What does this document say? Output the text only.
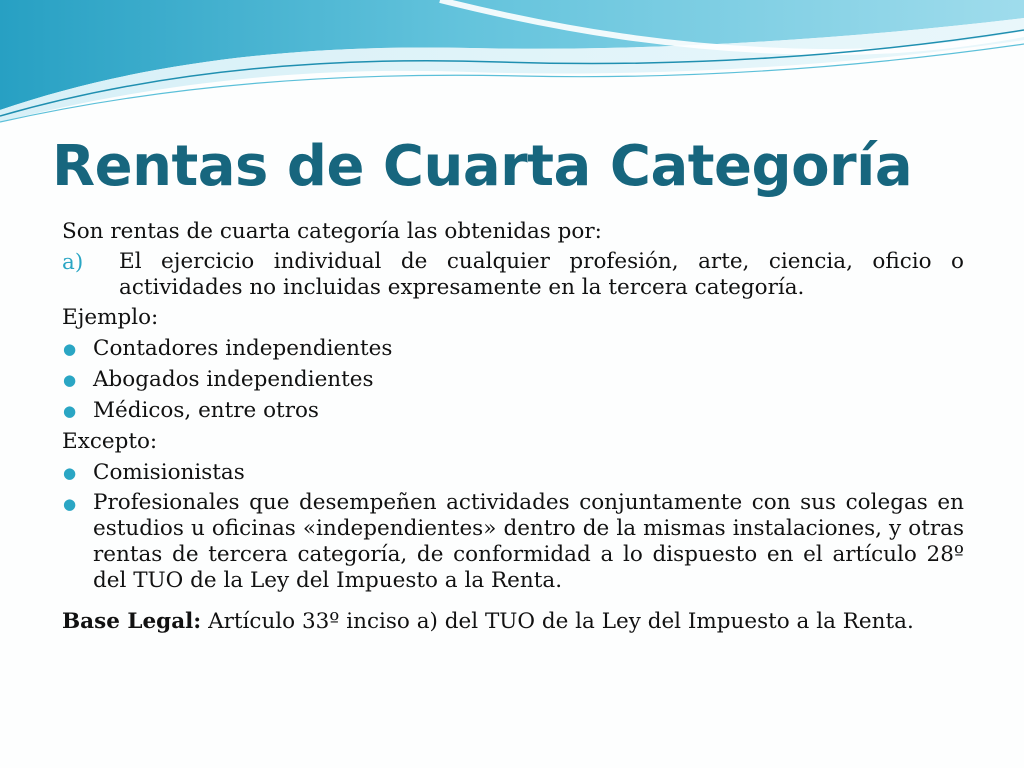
Rentas de Cuarta Categoría

Son rentas de cuarta categoría las obtenidas por:

a)	El ejercicio individual de cualquier profesión, arte, ciencia, oficio o actividades no incluidas expresamente en la tercera categoría.

Ejemplo:

● Contadores independientes
● Abogados independientes
● Médicos, entre otros

Excepto:

● Comisionistas
● Profesionales que desempeñen actividades conjuntamente con sus colegas en estudios u oficinas «independientes» dentro de la mismas instalaciones, y otras rentas de tercera categoría, de conformidad a lo dispuesto en el artículo 28º del TUO de la Ley del Impuesto a la Renta.

Base Legal: Artículo 33º inciso a) del TUO de la Ley del Impuesto a la Renta.
